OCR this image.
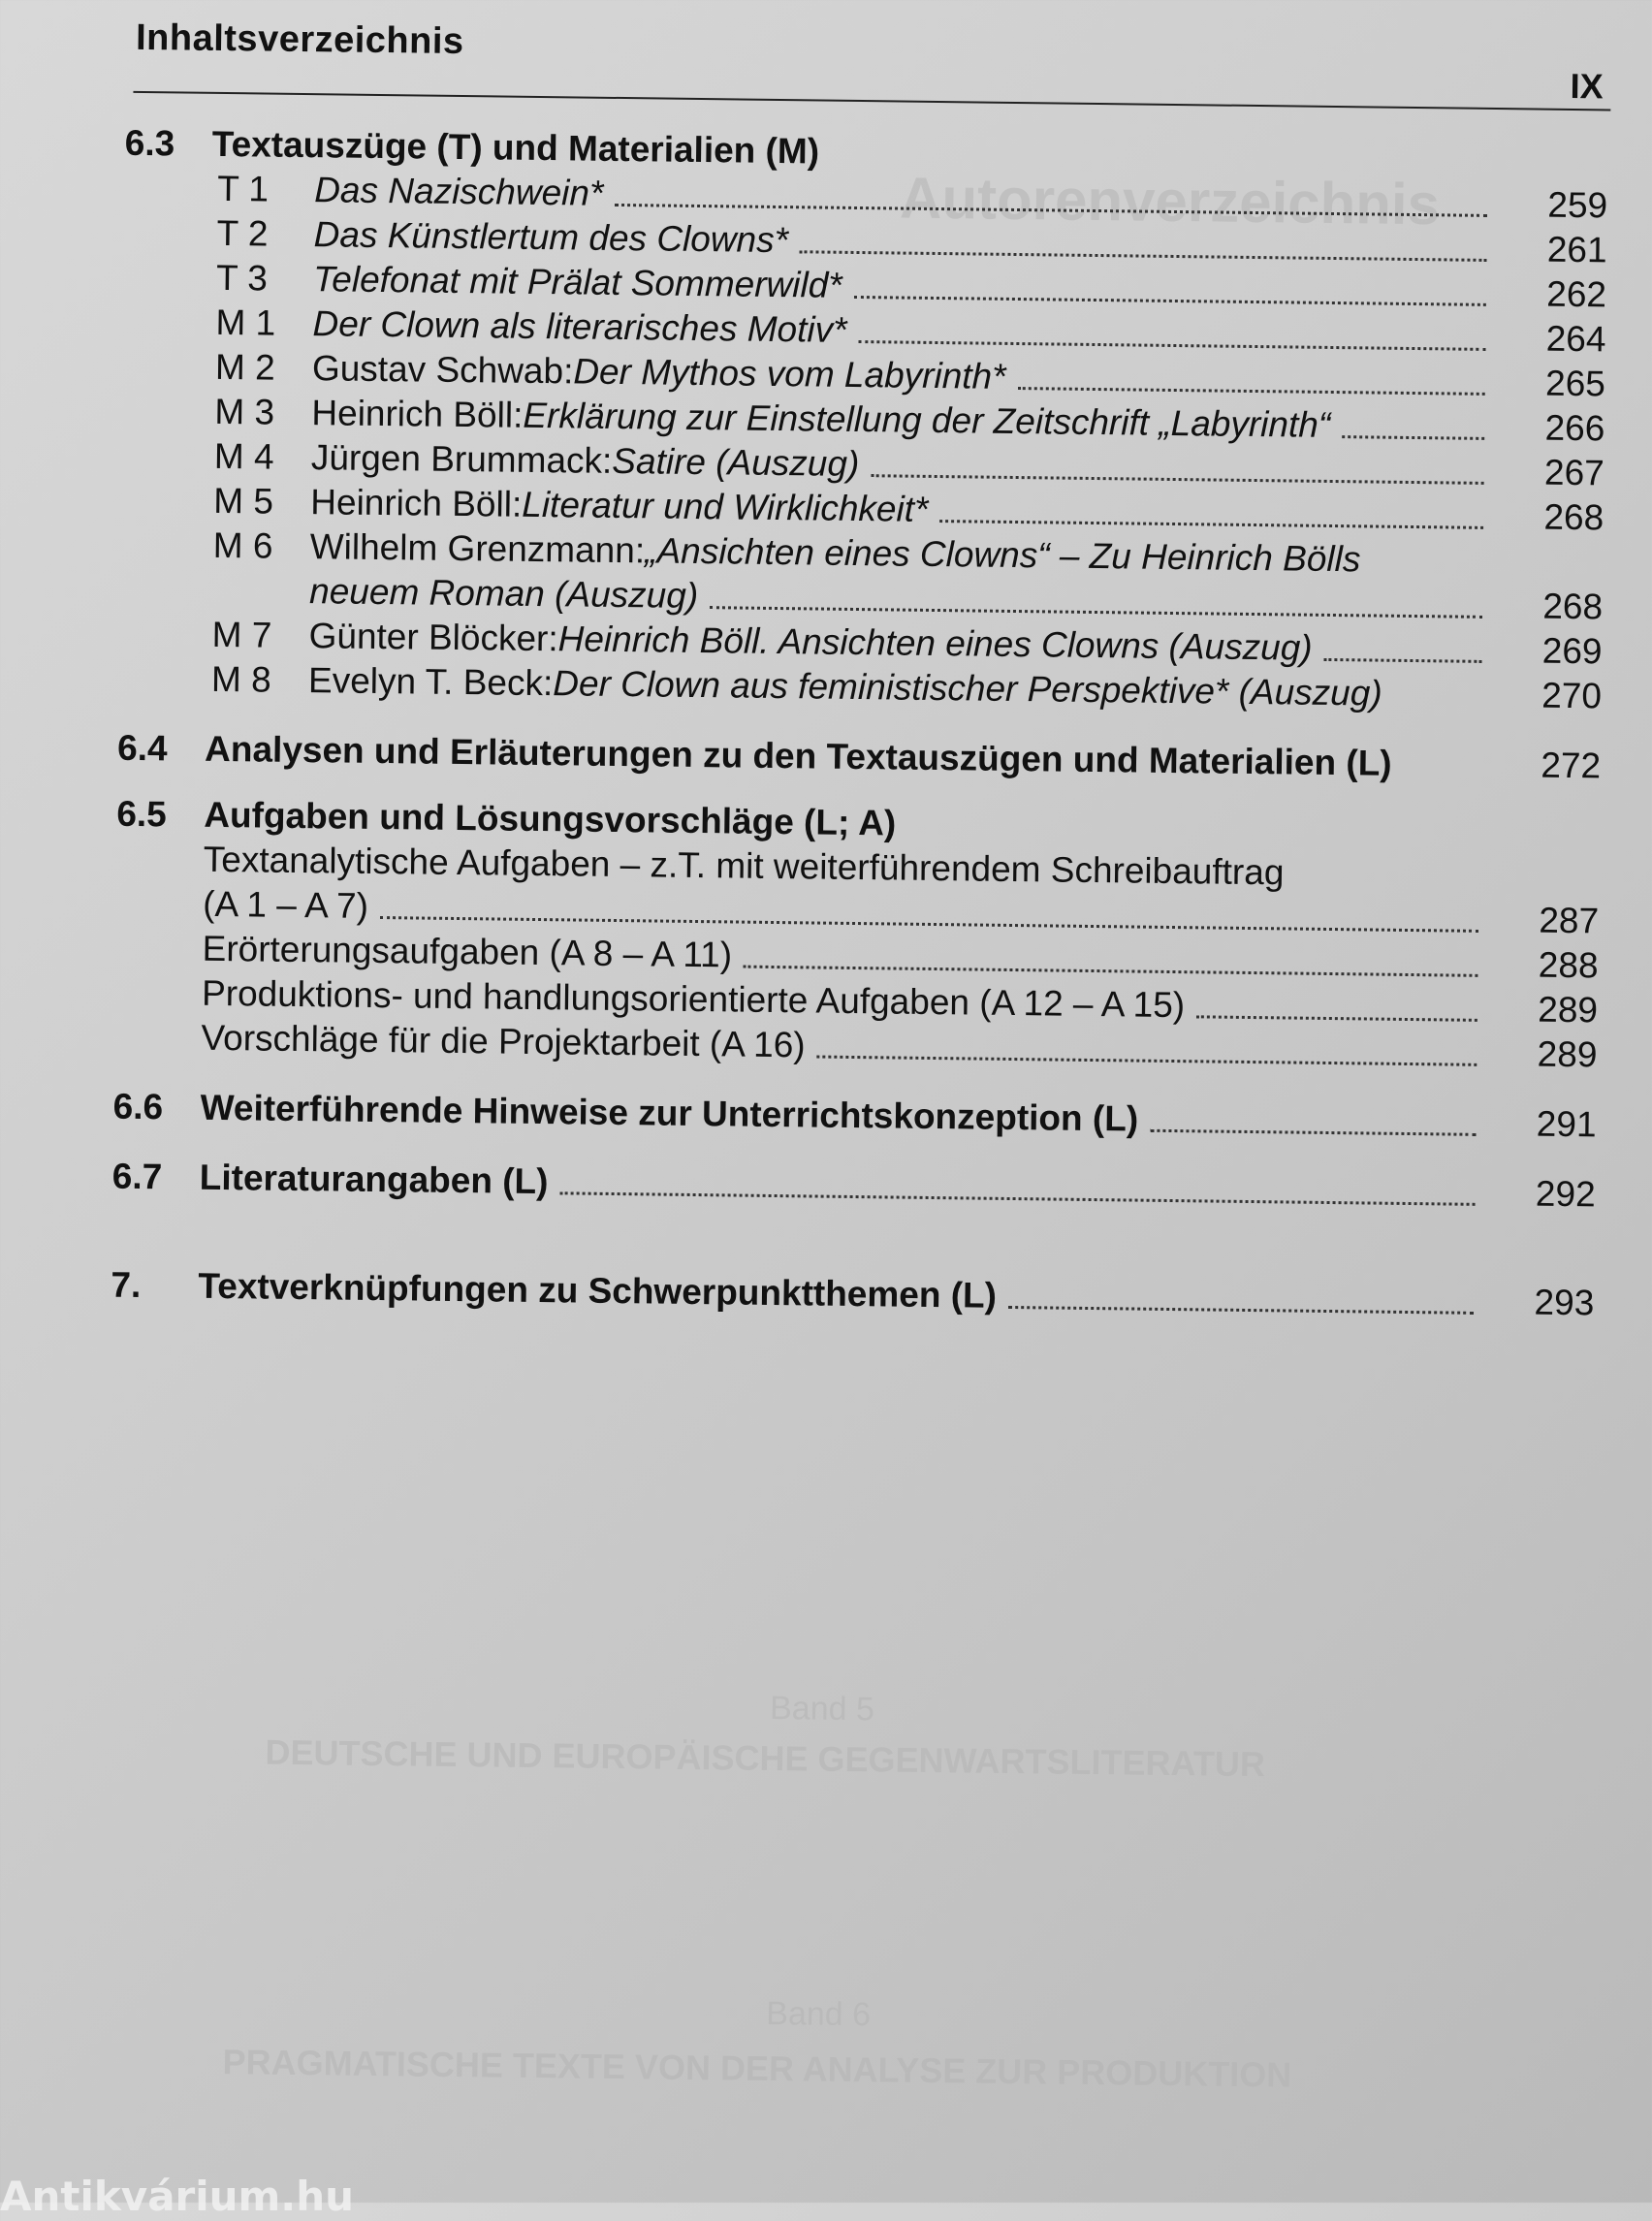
Inhaltsverzeichnis
IX
Autorenverzeichnis
Band 5
DEUTSCHE UND EUROPÄISCHE GEGENWARTSLITERATUR
Band 6
PRAGMATISCHE TEXTE VON DER ANALYSE ZUR PRODUKTION
6.3	Textauszüge (T) und Materialien (M)
T 1	Das Nazischwein*	259
T 2	Das Künstlertum des Clowns*	261
T 3	Telefonat mit Prälat Sommerwild*	262
M 1	Der Clown als literarisches Motiv*	264
M 2	Gustav Schwab: Der Mythos vom Labyrinth*	265
M 3	Heinrich Böll: Erklärung zur Einstellung der Zeitschrift „Labyrinth“	266
M 4	Jürgen Brummack: Satire (Auszug)	267
M 5	Heinrich Böll: Literatur und Wirklichkeit*	268
M 6	Wilhelm Grenzmann: „Ansichten eines Clowns“ – Zu Heinrich Bölls
neuem Roman (Auszug)	268
M 7	Günter Blöcker: Heinrich Böll. Ansichten eines Clowns (Auszug)	269
M 8	Evelyn T. Beck: Der Clown aus feministischer Perspektive* (Auszug)	270
6.4	Analysen und Erläuterungen zu den Textauszügen und Materialien (L)	272
6.5	Aufgaben und Lösungsvorschläge (L; A)
Textanalytische Aufgaben – z.T. mit weiterführendem Schreibauftrag
(A 1 – A 7)	287
Erörterungsaufgaben (A 8 – A 11)	288
Produktions- und handlungsorientierte Aufgaben (A 12 – A 15)	289
Vorschläge für die Projektarbeit (A 16)	289
6.6	Weiterführende Hinweise zur Unterrichtskonzeption (L)	291
6.7	Literaturangaben (L)	292
7.	Textverknüpfungen zu Schwerpunktthemen (L)	293
Antikvárium.hu
